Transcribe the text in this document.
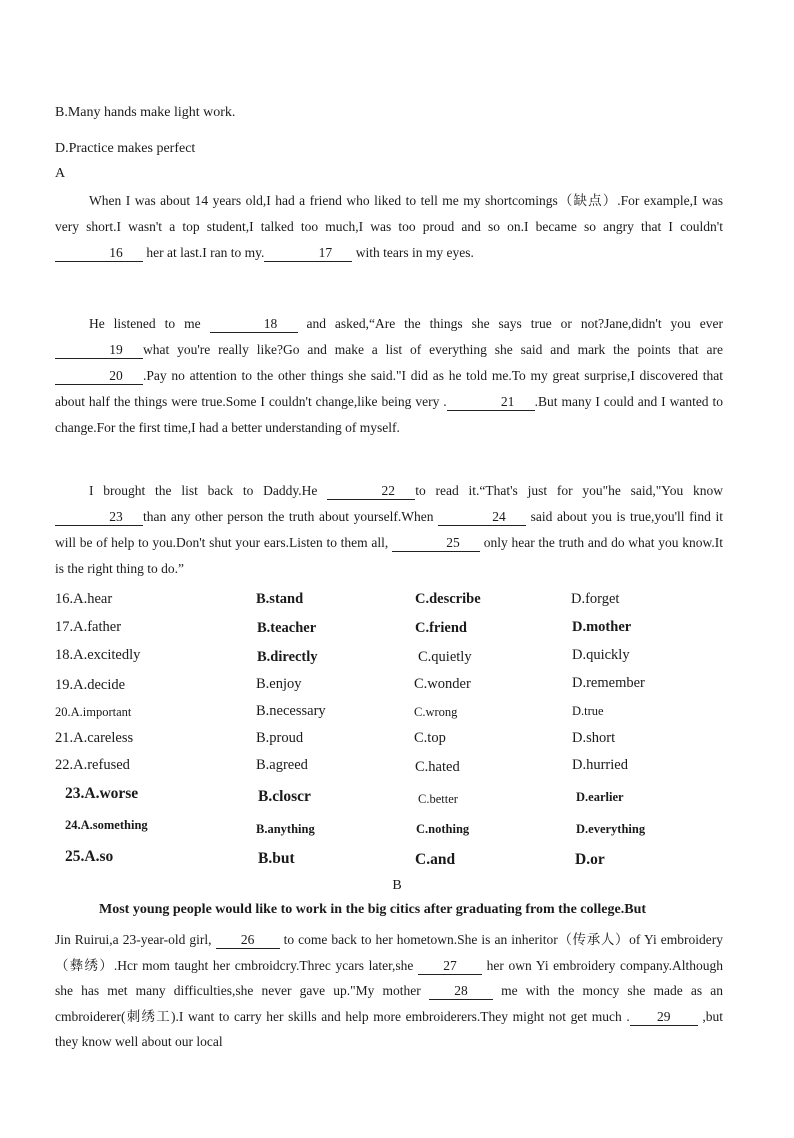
B.Many hands make light work.
D.Practice makes perfect
A
When I was about 14 years old,I had a friend who liked to tell me my shortcomings（缺点）.For example,I was very short.I wasn't a top student,I talked too much,I was too proud and so on.I became so angry that I couldn't 16 her at last.I ran to my.	17 with tears in my eyes.
He listened to me	18 and asked,“Are the things she says true or not?Jane,didn't you ever 19 what you're really like?Go and make a list of everything she said and mark the points that are 20 .Pay no attention to the other things she said."I did as he told me.To my great surprise,I discovered that about half the things were true.Some I couldn't change,like being very .	21 .But many I could and I wanted to change.For the first time,I had a better understanding of myself.
I brought the list back to Daddy.He	22 to read it.“That's just for you"he said,"You know 23 than any other person the truth about yourself.When	24 said about you is true,you'll find it will be of help to you.Don't shut your ears.Listen to them all,	25 only hear the truth and do what you know.It is the right thing to do.”
16.A.hear	B.stand	C.describe	D.forget
17.A.father	B.teacher	C.friend	D.mother
18.A.excitedly	B.directly	C.quietly	D.quickly
19.A.decide	B.enjoy	C.wonder	D.remember
20.A.important	B.necessary	C.wrong	D.true
21.A.careless	B.proud	C.top	D.short
22.A.refused	B.agreed	C.hated	D.hurried
23.A.worse	B.closcr	C.better	D.earlier
24.A.something	B.anything	C.nothing	D.everything
25.A.so	B.but	C.and	D.or
B
Most young people would like to work in the big citics after graduating from the college.But
Jin Ruirui,a 23-year-old girl, 26 to come back to her hometown.She is an inheritor（传承人）of Yi embroidery（彝绣）.Hcr mom taught her cmbroidcry.Threc ycars later,she 27 her own Yi embroidery company.Although she has met many difficulties,she never gave up."My mother 28 me with the moncy she made as an cmbroiderer(刺绣工).I want to carry her skills and help more embroiderers.They might not get much . 29 ,but they know well about our local
